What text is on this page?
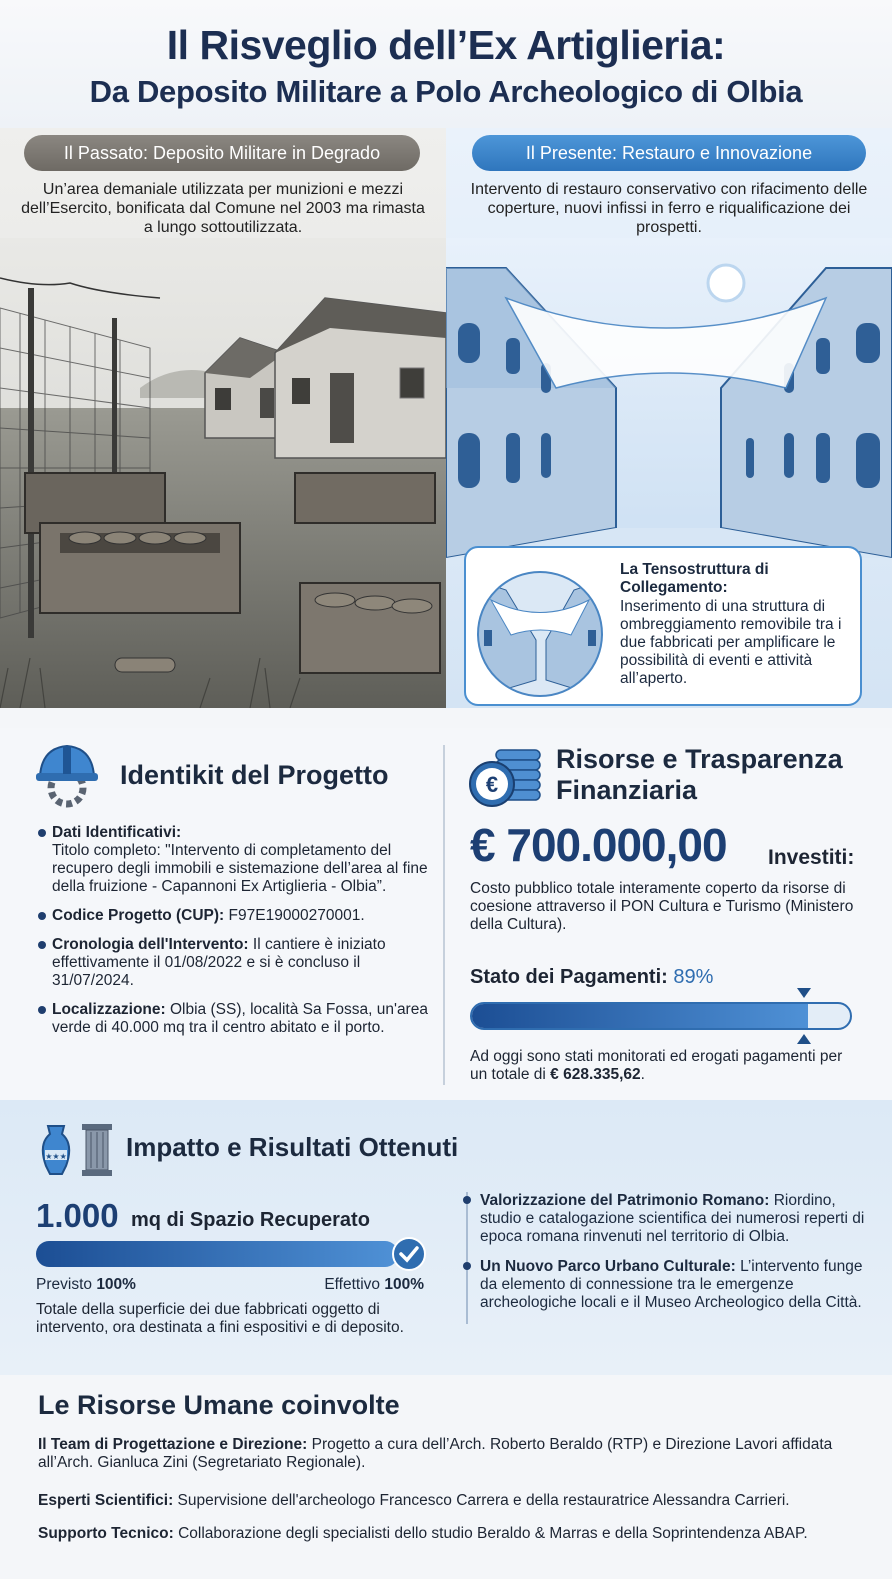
Il Risveglio dell’Ex Artiglieria:
Da Deposito Militare a Polo Archeologico di Olbia
Il Passato: Deposito Militare in Degrado
Un’area demaniale utilizzata per munizioni e mezzi dell’Esercito, bonificata dal Comune nel 2003 ma rimasta a lungo sottoutilizzata.
Il Presente: Restauro e Innovazione
Intervento di restauro conservativo con rifacimento delle coperture, nuovi infissi in ferro e riqualificazione dei prospetti.
La Tensostruttura di Collegamento:
Inserimento di una struttura di ombreggiamento removibile tra i due fabbricati per amplificare le possibilità di eventi e attività all’aperto.
Identikit del Progetto
Dati Identificativi:
Titolo completo: "Intervento di completamento del recupero degli immobili e sistemazione dell’area al fine della fruizione - Capannoni Ex Artiglieria - Olbia”.
Codice Progetto (CUP): F97E19000270001.
Cronologia dell'Intervento: Il cantiere è iniziato effettivamente il 01/08/2022 e si è concluso il 31/07/2024.
Localizzazione: Olbia (SS), località Sa Fossa, un'area verde di 40.000 mq tra il centro abitato e il porto.
€
Risorse e Trasparenza Finanziaria
€ 700.000,00 Investiti:
Costo pubblico totale interamente coperto da risorse di coesione attraverso il PON Cultura e Turismo (Ministero della Cultura).
Stato dei Pagamenti: 89%
Ad oggi sono stati monitorati ed erogati pagamenti per un totale di € 628.335,62.
★★★ Impatto e Risultati Ottenuti
1.000 mq di Spazio Recuperato
Previsto 100%	Effettivo 100%
Totale della superficie dei due fabbricati oggetto di intervento, ora destinata a fini espositivi e di deposito.
Valorizzazione del Patrimonio Romano: Riordino, studio e catalogazione scientifica dei numerosi reperti di epoca romana rinvenuti nel territorio di Olbia.
Un Nuovo Parco Urbano Culturale: L’intervento funge da elemento di connessione tra le emergenze archeologiche locali e il Museo Archeologico della Città.
Le Risorse Umane coinvolte
Il Team di Progettazione e Direzione: Progetto a cura dell’Arch. Roberto Beraldo (RTP) e Direzione Lavori affidata all’Arch. Gianluca Zini (Segretariato Regionale).
Esperti Scientifici: Supervisione dell'archeologo Francesco Carrera e della restauratrice Alessandra Carrieri.
Supporto Tecnico: Collaborazione degli specialisti dello studio Beraldo & Marras e della Soprintendenza ABAP.
